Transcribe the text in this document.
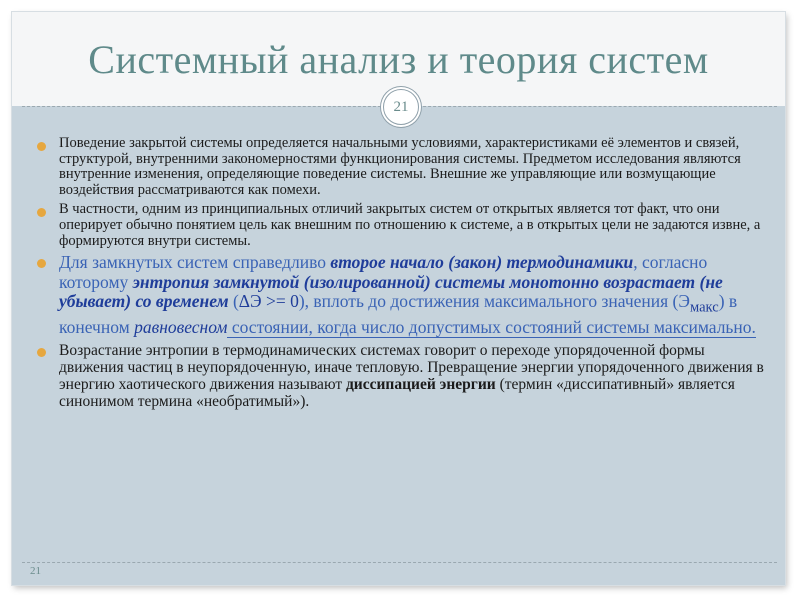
Системный анализ и теория систем
21
Поведение закрытой системы определяется начальными условиями, характеристиками её элементов и связей, структурой, внутренними закономерностями функционирования системы. Предметом исследования являются внутренние изменения, определяющие поведение системы. Внешние же управляющие или возмущающие воздействия рассматриваются как помехи.
В частности, одним из принципиальных отличий закрытых систем от открытых является тот факт, что они оперирует обычно понятием цель как внешним по отношению к системе, а в открытых цели не задаются извне, а формируются внутри системы.
Для замкнутых систем справедливо второе начало (закон) термодинамики, согласно которому энтропия замкнутой (изолированной) системы монотонно возрастает (не убывает) со временем (ΔЭ >= 0), вплоть до достижения максимального значения $(Э_{макс})$ в конечном равновесном состоянии, когда число допустимых состояний системы максимально.
Возрастание энтропии в термодинамических системах говорит о переходе упорядоченной формы движения частиц в неупорядоченную, иначе тепловую. Превращение энергии упорядоченного движения в энергию хаотического движения называют диссипацией энергии (термин «диссипативный» является синонимом термина «необратимый»).
21
